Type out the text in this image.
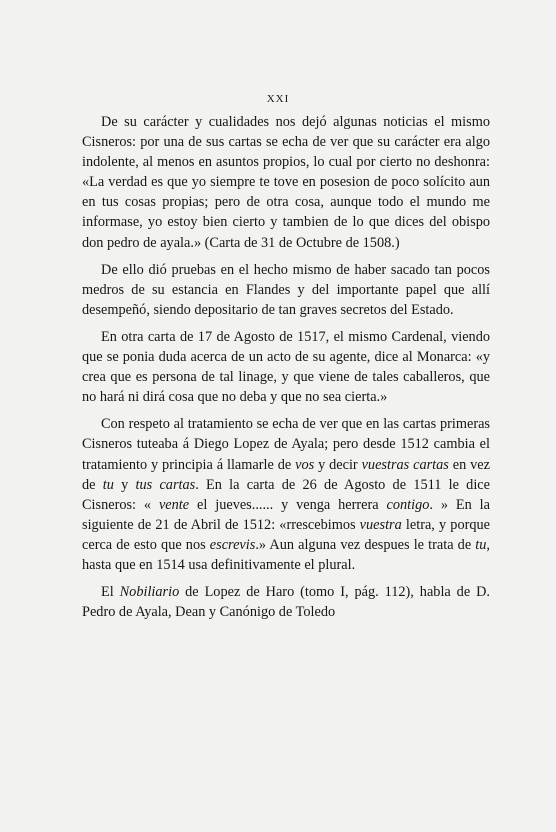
XXI

De su carácter y cualidades nos dejó algunas noticias el mismo Cisneros: por una de sus cartas se echa de ver que su carácter era algo indolente, al menos en asuntos propios, lo cual por cierto no deshonra: «La verdad es que yo siempre te tove en posesion de poco solícito aun en tus cosas propias; pero de otra cosa, aunque todo el mundo me informase, yo estoy bien cierto y tambien de lo que dices del obispo don pedro de ayala.» (Carta de 31 de Octubre de 1508.)

De ello dió pruebas en el hecho mismo de haber sacado tan pocos medros de su estancia en Flandes y del importante papel que allí desempeñó, siendo depositario de tan graves secretos del Estado.

En otra carta de 17 de Agosto de 1517, el mismo Cardenal, viendo que se ponia duda acerca de un acto de su agente, dice al Monarca: «y crea que es persona de tal linage, y que viene de tales caballeros, que no hará ni dirá cosa que no deba y que no sea cierta.»

Con respeto al tratamiento se echa de ver que en las cartas primeras Cisneros tuteaba á Diego Lopez de Ayala; pero desde 1512 cambia el tratamiento y principia á llamarle de vos y decir vuestras cartas en vez de tu y tus cartas. En la carta de 26 de Agosto de 1511 le dice Cisneros: « vente el jueves...... y venga herrera contigo. » En la siguiente de 21 de Abril de 1512: «rrescebimos vuestra letra, y porque cerca de esto que nos escrevis.» Aun alguna vez despues le trata de tu, hasta que en 1514 usa definitivamente el plural.

El Nobiliario de Lopez de Haro (tomo I, pág. 112), habla de D. Pedro de Ayala, Dean y Canónigo de Toledo
